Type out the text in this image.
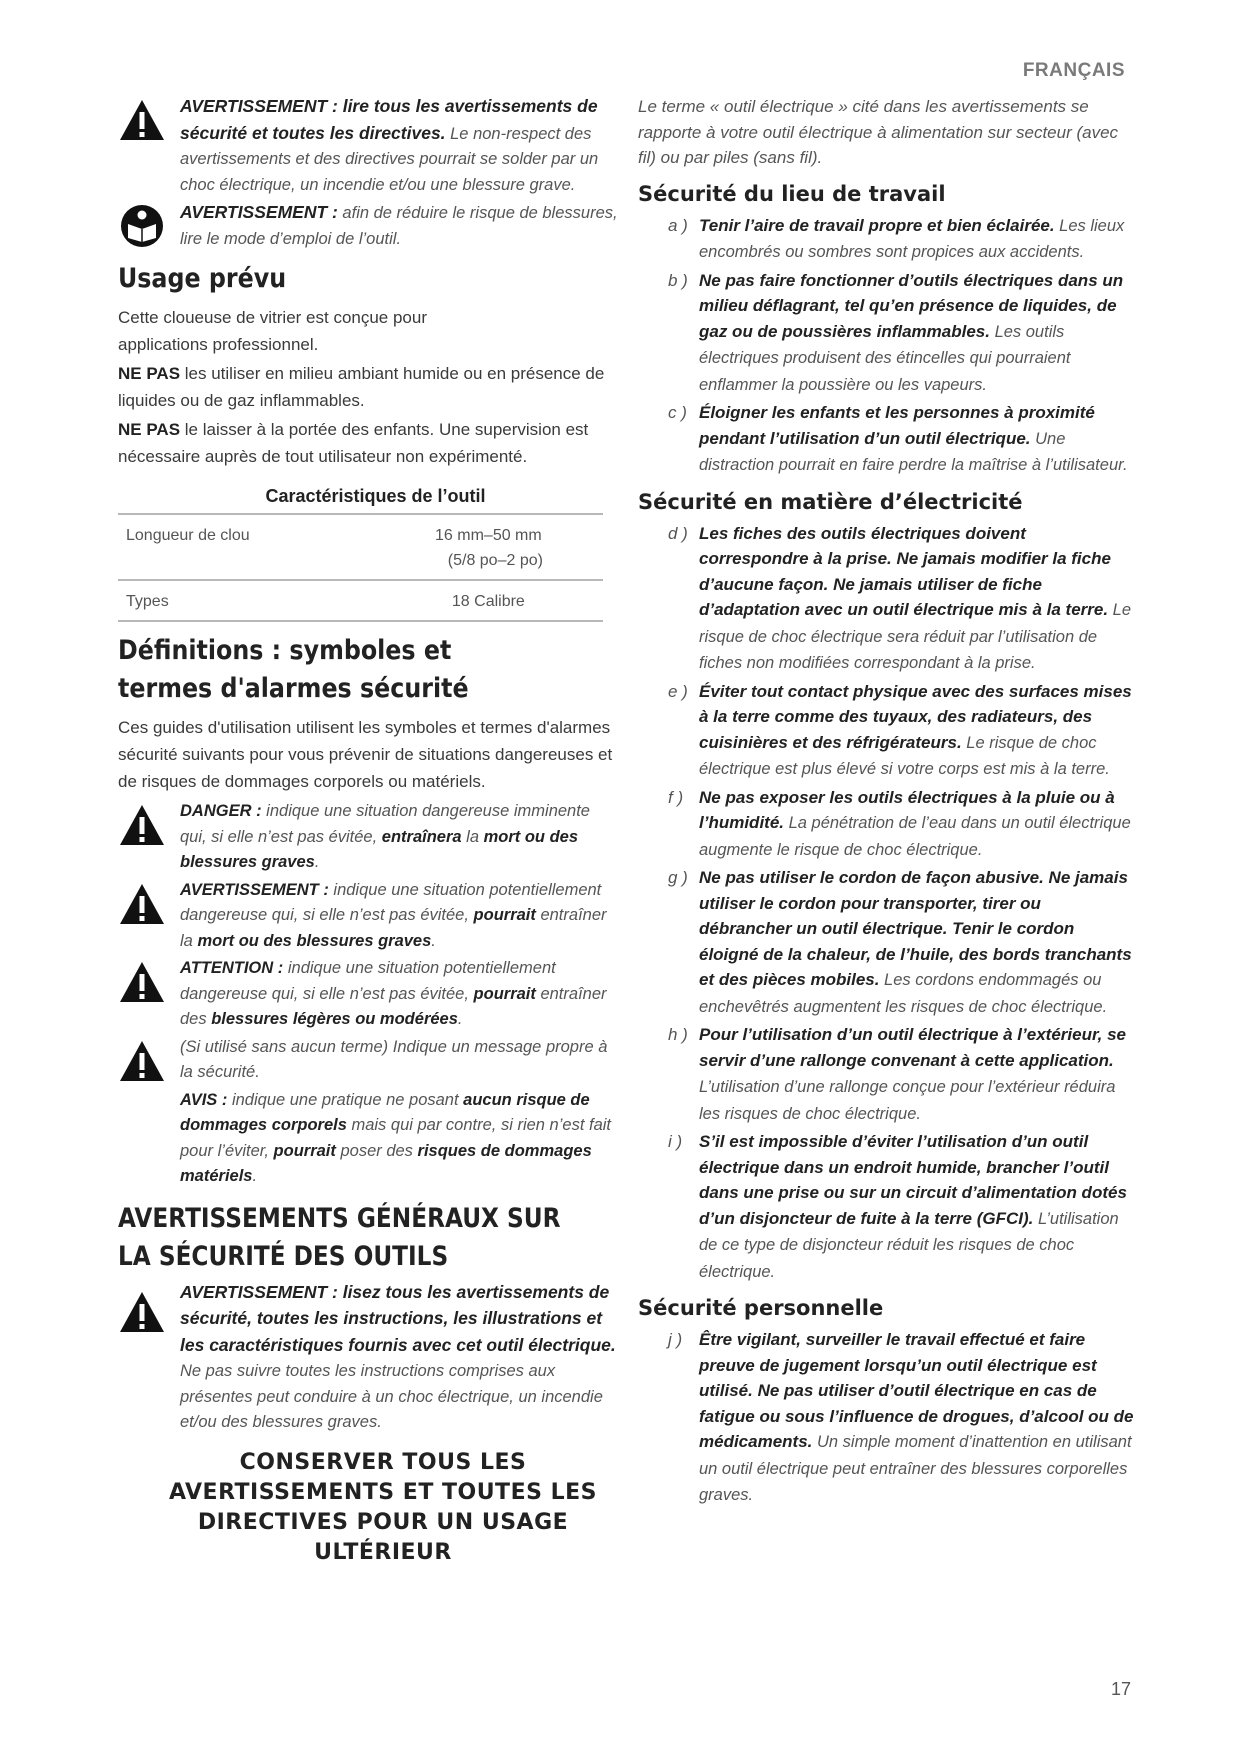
FRANÇAIS
AVERTISSEMENT : lire tous les avertissements de sécurité et toutes les directives. Le non-respect des avertissements et des directives pourrait se solder par un choc électrique, un incendie et/ou une blessure grave.
AVERTISSEMENT : afin de réduire le risque de blessures, lire le mode d’emploi de l’outil.
Usage prévu

Cette cloueuse de vitrier est conçue pour applications professionnel.

NE PAS les utiliser en milieu ambiant humide ou en présence de liquides ou de gaz inflammables.

NE PAS le laisser à la portée des enfants. Une supervision est nécessaire auprès de tout utilisateur non expérimenté.

Caractéristiques de l’outil
Longueur de clou	16 mm–50 mm
(5/8 po–2 po)
Types	18 Calibre
Définitions : symboles et termes d'alarmes sécurité
Ces guides d'utilisation utilisent les symboles et termes d'alarmes sécurité suivants pour vous prévenir de situations dangereuses et de risques de dommages corporels ou matériels.
DANGER : indique une situation dangereuse imminente qui, si elle n’est pas évitée, entraînera la mort ou des blessures graves.
AVERTISSEMENT : indique une situation potentiellement dangereuse qui, si elle n’est pas évitée, pourrait entraîner la mort ou des blessures graves.
ATTENTION : indique une situation potentiellement dangereuse qui, si elle n’est pas évitée, pourrait entraîner des blessures légères ou modérées.
(Si utilisé sans aucun terme) Indique un message propre à la sécurité.
AVIS : indique une pratique ne posant aucun risque de dommages corporels mais qui par contre, si rien n’est fait pour l’éviter, pourrait poser des risques de dommages matériels.
AVERTISSEMENTS GÉNÉRAUX SUR LA SÉCURITÉ DES OUTILS
AVERTISSEMENT : lisez tous les avertissements de sécurité, toutes les instructions, les illustrations et les caractéristiques fournis avec cet outil électrique. Ne pas suivre toutes les instructions comprises aux présentes peut conduire à un choc électrique, un incendie et/ou des blessures graves.
CONSERVER TOUS LES AVERTISSEMENTS ET TOUTES LES DIRECTIVES POUR UN USAGE ULTÉRIEUR
Le terme « outil électrique » cité dans les avertissements se rapporte à votre outil électrique à alimentation sur secteur (avec fil) ou par piles (sans fil).
Sécurité du lieu de travail
a ) Tenir l’aire de travail propre et bien éclairée. Les lieux encombrés ou sombres sont propices aux accidents.
b ) Ne pas faire fonctionner d’outils électriques dans un milieu déflagrant, tel qu’en présence de liquides, de gaz ou de poussières inflammables. Les outils électriques produisent des étincelles qui pourraient enflammer la poussière ou les vapeurs.
c ) Éloigner les enfants et les personnes à proximité pendant l’utilisation d’un outil électrique. Une distraction pourrait en faire perdre la maîtrise à l’utilisateur.
Sécurité en matière d’électricité
d ) Les fiches des outils électriques doivent correspondre à la prise. Ne jamais modifier la fiche d’aucune façon. Ne jamais utiliser de fiche d’adaptation avec un outil électrique mis à la terre. Le risque de choc électrique sera réduit par l’utilisation de fiches non modifiées correspondant à la prise.
e ) Éviter tout contact physique avec des surfaces mises à la terre comme des tuyaux, des radiateurs, des cuisinières et des réfrigérateurs. Le risque de choc électrique est plus élevé si votre corps est mis à la terre.
f ) Ne pas exposer les outils électriques à la pluie ou à l’humidité. La pénétration de l’eau dans un outil électrique augmente le risque de choc électrique.
g ) Ne pas utiliser le cordon de façon abusive. Ne jamais utiliser le cordon pour transporter, tirer ou débrancher un outil électrique. Tenir le cordon éloigné de la chaleur, de l’huile, des bords tranchants et des pièces mobiles. Les cordons endommagés ou enchevêtrés augmentent les risques de choc électrique.
h ) Pour l’utilisation d’un outil électrique à l’extérieur, se servir d’une rallonge convenant à cette application. L’utilisation d’une rallonge conçue pour l’extérieur réduira les risques de choc électrique.
i ) S’il est impossible d’éviter l’utilisation d’un outil électrique dans un endroit humide, brancher l’outil dans une prise ou sur un circuit d’alimentation dotés d’un disjoncteur de fuite à la terre (GFCI). L’utilisation de ce type de disjoncteur réduit les risques de choc électrique.
Sécurité personnelle
j ) Être vigilant, surveiller le travail effectué et faire preuve de jugement lorsqu’un outil électrique est utilisé. Ne pas utiliser d’outil électrique en cas de fatigue ou sous l’influence de drogues, d’alcool ou de médicaments. Un simple moment d’inattention en utilisant un outil électrique peut entraîner des blessures corporelles graves.
17
